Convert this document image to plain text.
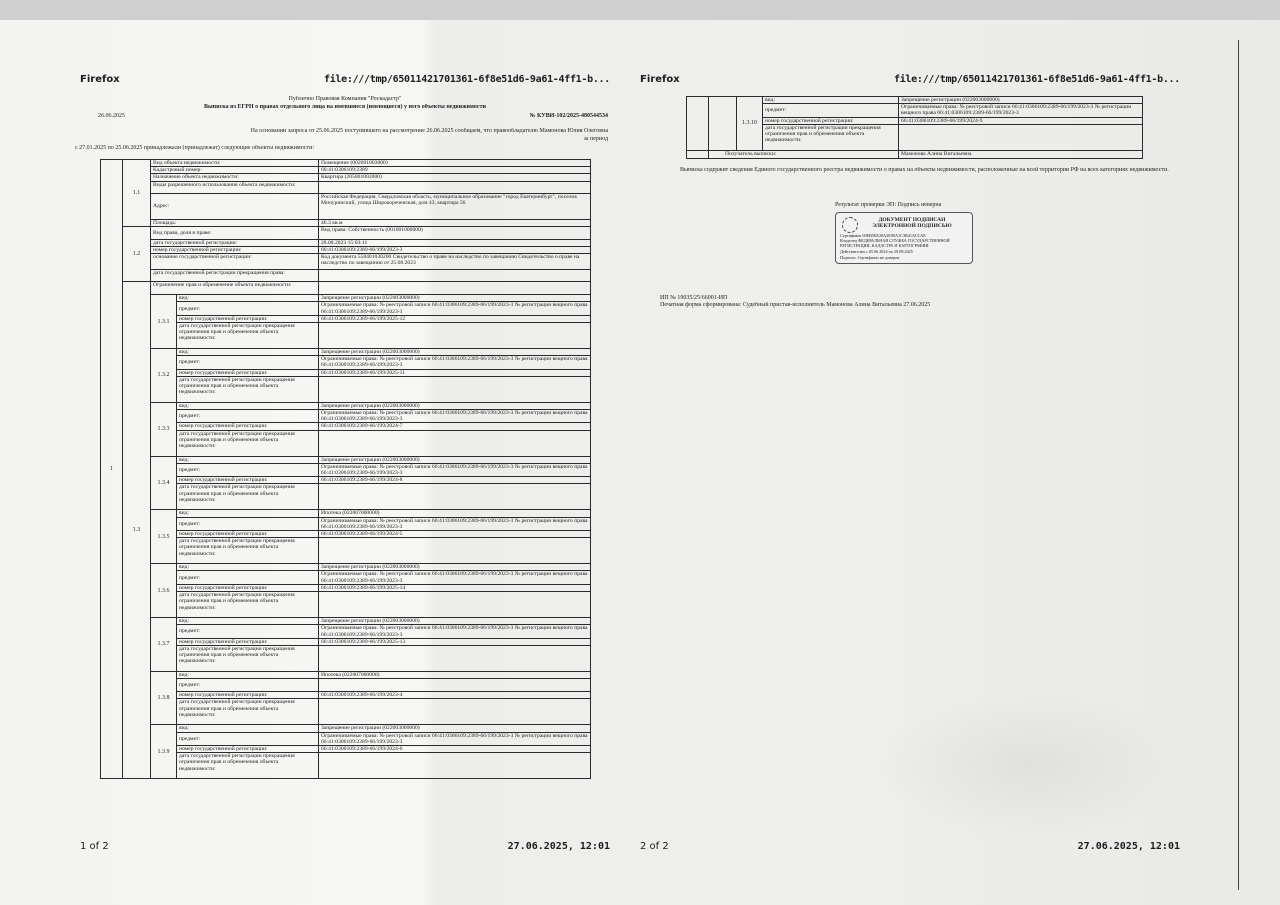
Firefox	file:///tmp/65011421701361-6f8e51d6-9a61-4ff1-b...
Публично Правовая Компания "Роскадастр"
Выписка из ЕГРН о правах отдельного лица на имевшиеся (имеющиеся) у него объекты недвижимости
26.06.2025	№ КУВИ-102/2025-480544534
На основании запроса от 25.06.2025 поступившего на рассмотрение 26.06.2025 сообщаем, что правообладателю Мамонова Юлия Олеговна
за период
с 27.01.2025 по 25.06.2025 принадлежали (принадлежат) следующие объекты недвижимости:
1	1.1	Вид объекта недвижимости:		Помещение (002001003000)
		Кадастровый номер:		66:41:0306109:2389
		Назначение объекта недвижимости:		Квартира (205001002000)
		Виды разрешенного использования объекта недвижимости:		
		Адрес:		Российская Федерация, Свердловская область, муниципальное образование "город Екатеринбург", поселок Мичуринский, улица Широкореченская, дом 43, квартира 56
		Площадь:		46.3 кв.м
	1.2	Вид права, доля в праве:		Вид права: Собственность (001001000000)
		дата государственной регистрации:		28.08.2023 15:03:11
		номер государственной регистрации:		66:41:0306109:2389-66/199/2023-3
		основание государственной регистрации:		Код документа 558401030200 Свидетельство о праве на наследство по завещанию Свидетельство о праве на наследство по завещанию от 25.08.2023
		дата государственной регистрации прекращения права:		
	1.3	Ограничение прав и обременение объекта недвижимости:		
		1.3.1	вид:	Запрещение регистрации (022003000000)
			предмет:	Ограничиваемые права: № реестровой записи 66:41:0306109:2389-66/199/2023-3 № регистрации вещного права 66:41:0306109:2389-66/199/2023-3
			номер государственной регистрации:	66:41:0306109:2389-66/199/2025-12
			дата государственной регистрации прекращения ограничения прав и обременения объекта недвижимости:	
		1.3.2	вид:	Запрещение регистрации (022003000000)
			предмет:	Ограничиваемые права: № реестровой записи 66:41:0306109:2389-66/199/2023-3 № регистрации вещного права 66:41:0306109:2389-66/199/2023-3
			номер государственной регистрации:	66:41:0306109:2389-66/199/2025-11
			дата государственной регистрации прекращения ограничения прав и обременения объекта недвижимости:	
		1.3.3	вид:	Запрещение регистрации (022003000000)
			предмет:	Ограничиваемые права: № реестровой записи 66:41:0306109:2389-66/199/2023-3 № регистрации вещного права 66:41:0306109:2389-66/199/2023-3
			номер государственной регистрации:	66:41:0306109:2389-66/199/2024-7
			дата государственной регистрации прекращения ограничения прав и обременения объекта недвижимости:	
		1.3.4	вид:	Запрещение регистрации (022003000000)
			предмет:	Ограничиваемые права: № реестровой записи 66:41:0306109:2389-66/199/2023-3 № регистрации вещного права 66:41:0306109:2389-66/199/2023-3
			номер государственной регистрации:	66:41:0306109:2389-66/199/2024-8
			дата государственной регистрации прекращения ограничения прав и обременения объекта недвижимости:	
		1.3.5	вид:	Ипотека (022007000000)
			предмет:	Ограничиваемые права: № реестровой записи 66:41:0306109:2389-66/199/2023-3 № регистрации вещного права 66:41:0306109:2389-66/199/2023-3
			номер государственной регистрации:	66:41:0306109:2389-66/199/2024-5
			дата государственной регистрации прекращения ограничения прав и обременения объекта недвижимости:	
		1.3.6	вид:	Запрещение регистрации (022003000000)
			предмет:	Ограничиваемые права: № реестровой записи 66:41:0306109:2389-66/199/2023-3 № регистрации вещного права 66:41:0306109:2389-66/199/2023-3
			номер государственной регистрации:	66:41:0306109:2389-66/199/2025-14
			дата государственной регистрации прекращения ограничения прав и обременения объекта недвижимости:	
		1.3.7	вид:	Запрещение регистрации (022003000000)
			предмет:	Ограничиваемые права: № реестровой записи 66:41:0306109:2389-66/199/2023-3 № регистрации вещного права 66:41:0306109:2389-66/199/2023-3
			номер государственной регистрации:	66:41:0306109:2389-66/199/2025-13
			дата государственной регистрации прекращения ограничения прав и обременения объекта недвижимости:	
		1.3.8	вид:	Ипотека (022007000000)
			предмет:	
			номер государственной регистрации:	66:41:0306109:2389-66/199/2023-4
			дата государственной регистрации прекращения ограничения прав и обременения объекта недвижимости:	
		1.3.9	вид:	Запрещение регистрации (022003000000)
			предмет:	Ограничиваемые права: № реестровой записи 66:41:0306109:2389-66/199/2023-3 № регистрации вещного права 66:41:0306109:2389-66/199/2023-3
			номер государственной регистрации:	66:41:0306109:2389-66/199/2024-6
			дата государственной регистрации прекращения ограничения прав и обременения объекта недвижимости:	
1 of 2	27.06.2025, 12:01
Firefox	file:///tmp/65011421701361-6f8e51d6-9a61-4ff1-b...
		1.3.10	вид:	Запрещение регистрации (022003000000)
			предмет:	Ограничиваемые права: № реестровой записи 66:41:0306109:2389-66/199/2023-3 № регистрации вещного права 66:41:0306109:2389-66/199/2023-3
			номер государственной регистрации:	66:41:0306109:2389-66/199/2024-9
			дата государственной регистрации прекращения ограничения прав и обременения объекта недвижимости:	
	Получатель выписки:			Мамонова Алина Витальевна
Выписка содержит сведения Единого государственного реестра недвижимости о правах на объекты недвижимости, расположенные на всей территории РФ на всех категориях недвижимости.
Результат проверки ЭП: Подпись неверна
ДОКУМЕНТ ПОДПИСАН
ЭЛЕКТРОННОЙ ПОДПИСЬЮ
Сертификат 00ЕВ5БЕ28А3Е90А1С3В41АССАЕ
Владелец ФЕДЕРАЛЬНАЯ СЛУЖБА ГОСУДАРСТВЕННОЙ
РЕГИСТРАЦИИ, КАДАСТРА И КАРТОГРАФИИ
Действителен с 05.06.2024 по 29.08.2025
Подпись: Сертификат не доверен
ИП № 19035/25/66001-ИП
Печатная форма сформирована: Судебный пристав-исполнитель Мамонова Алина Витальевна 27.06.2025
2 of 2	27.06.2025, 12:01
